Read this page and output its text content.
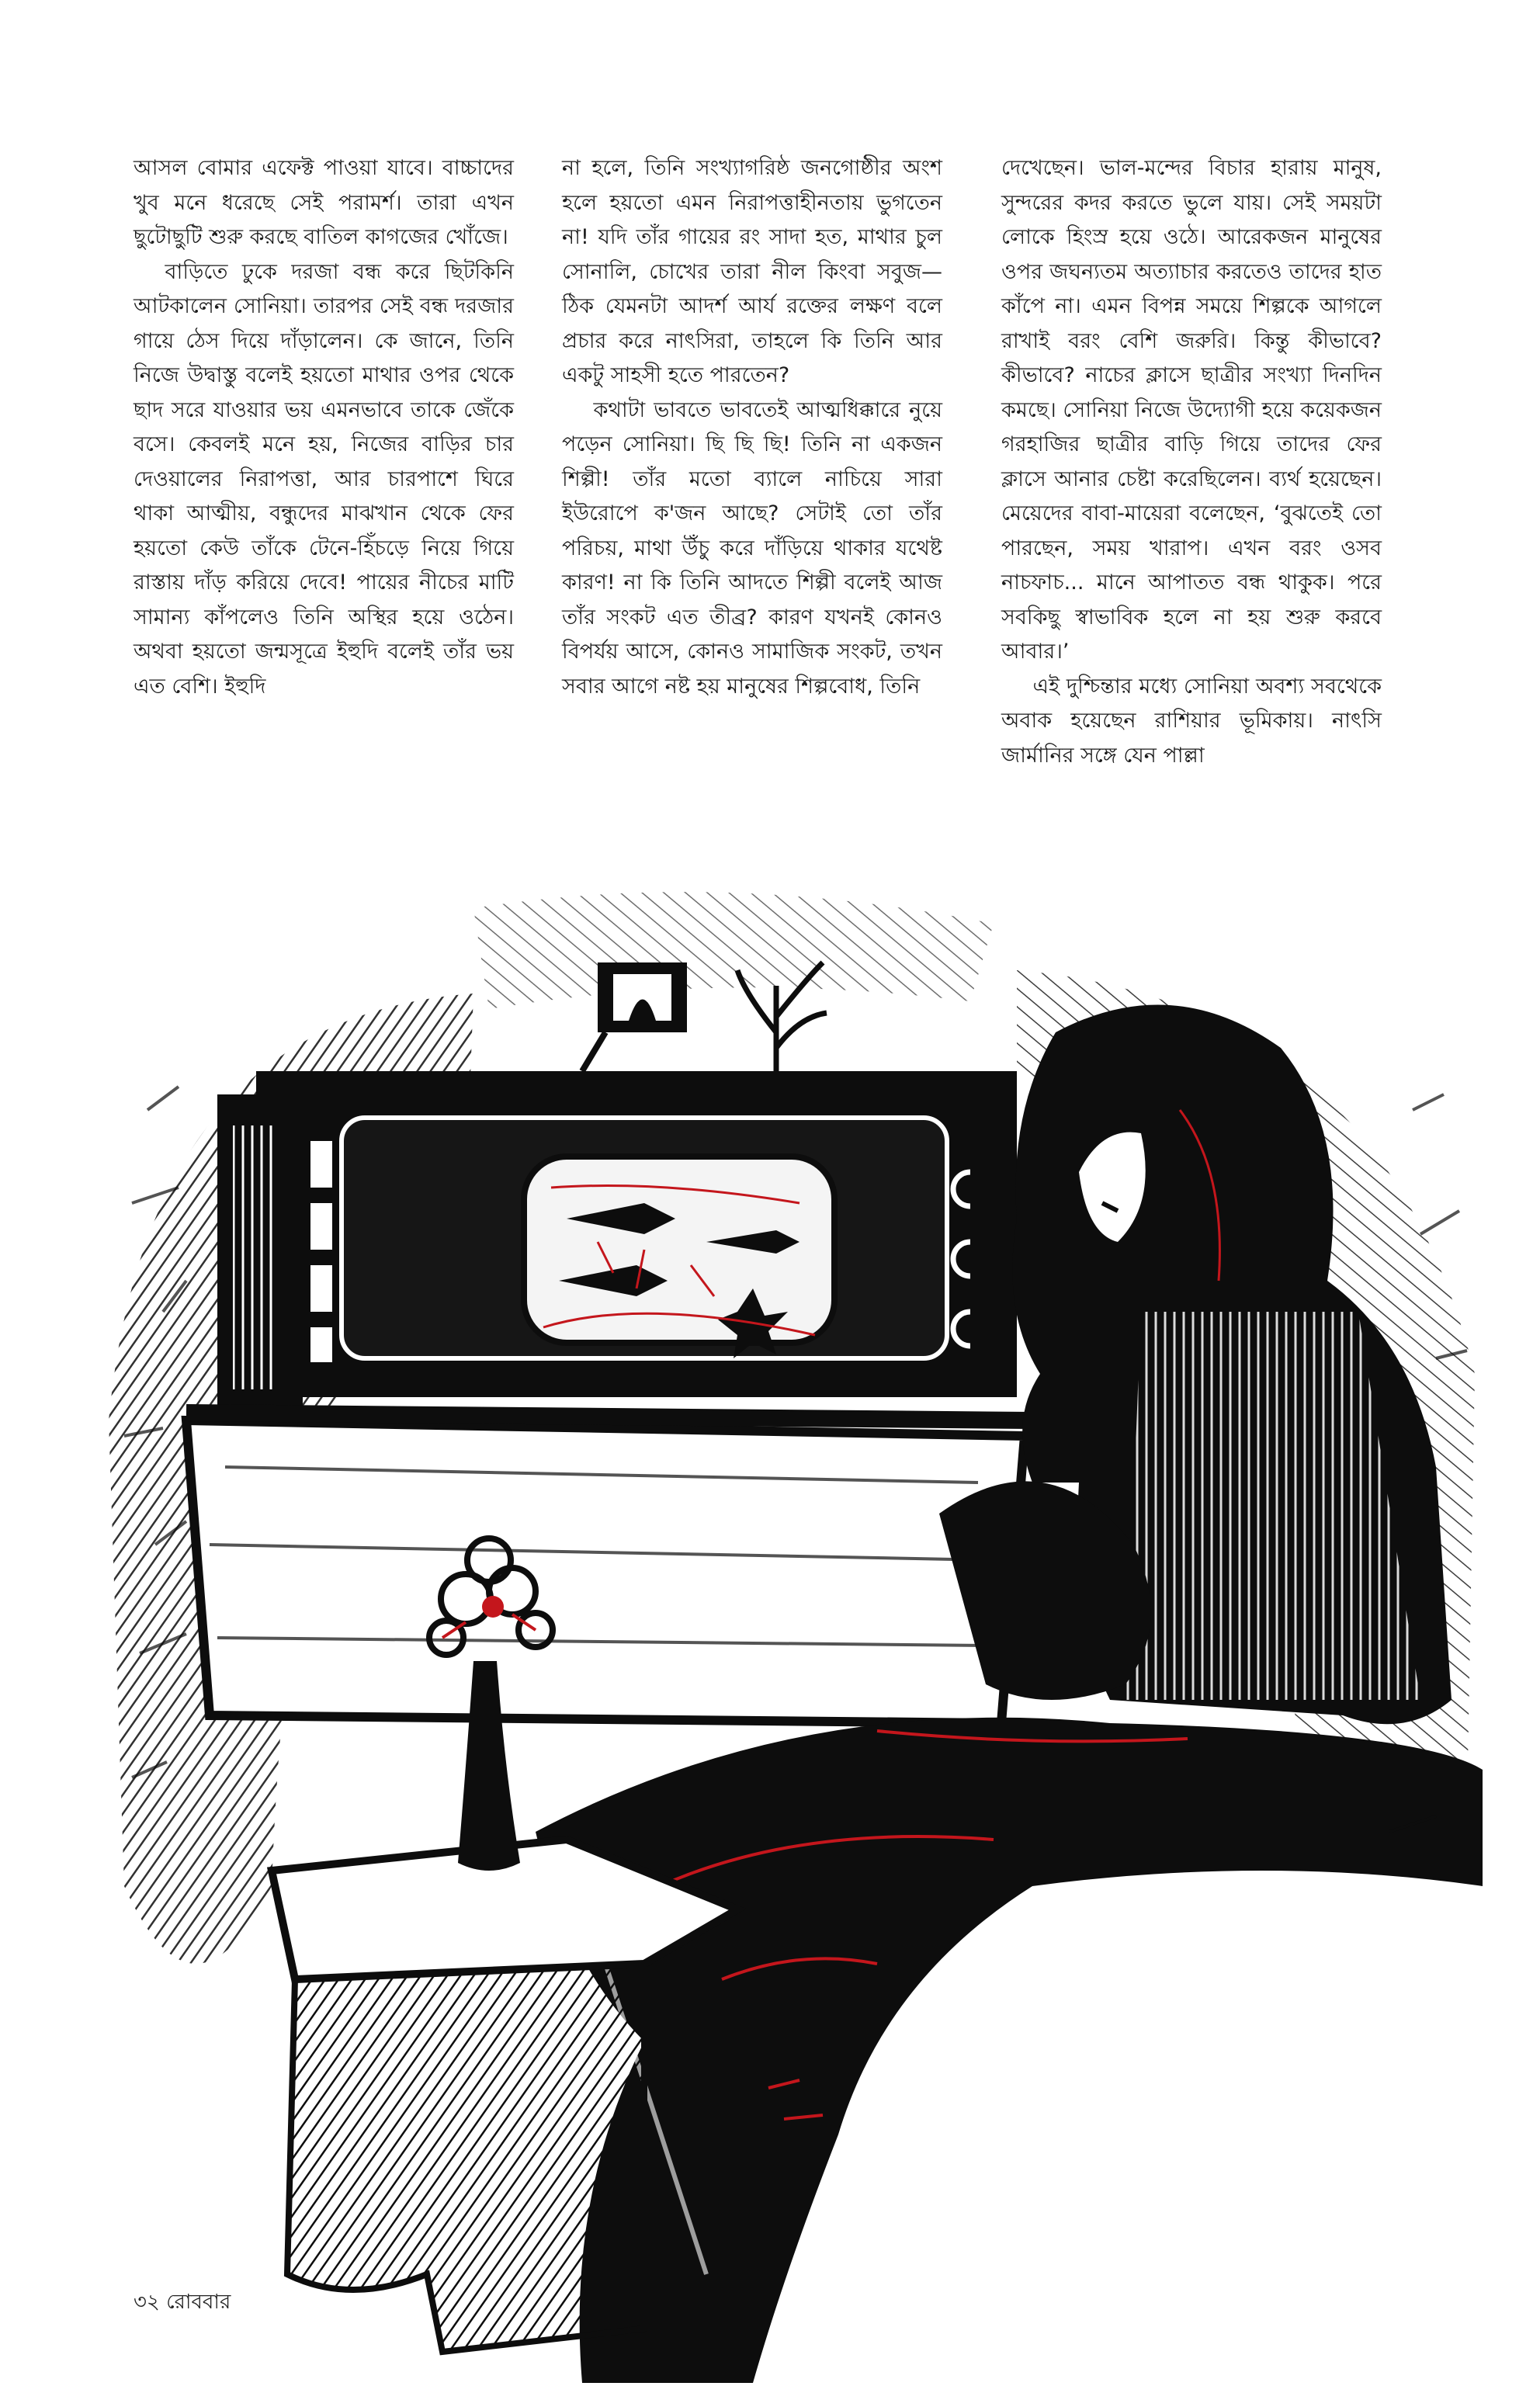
আসল বোমার এফেক্ট পাওয়া যাবে। বাচ্চাদের খুব মনে ধরেছে সেই পরামর্শ। তারা এখন ছুটোছুটি শুরু করছে বাতিল কাগজের খোঁজে।

বাড়িতে ঢুকে দরজা বন্ধ করে ছিটকিনি আটকালেন সোনিয়া। তারপর সেই বন্ধ দরজার গায়ে ঠেস দিয়ে দাঁড়ালেন। কে জানে, তিনি নিজে উদ্বাস্তু বলেই হয়তো মাথার ওপর থেকে ছাদ সরে যাওয়ার ভয় এমনভাবে তাকে জেঁকে বসে। কেবলই মনে হয়, নিজের বাড়ির চার দেওয়ালের নিরাপত্তা, আর চারপাশে ঘিরে থাকা আত্মীয়, বন্ধুদের মাঝখান থেকে ফের হয়তো কেউ তাঁকে টেনে-হিঁচড়ে নিয়ে গিয়ে রাস্তায় দাঁড় করিয়ে দেবে! পায়ের নীচের মাটি সামান্য কাঁপলেও তিনি অস্থির হয়ে ওঠেন। অথবা হয়তো জন্মসূত্রে ইহুদি বলেই তাঁর ভয় এত বেশি। ইহুদি

না হলে, তিনি সংখ্যাগরিষ্ঠ জনগোষ্ঠীর অংশ হলে হয়তো এমন নিরাপত্তাহীনতায় ভুগতেন না! যদি তাঁর গায়ের রং সাদা হত, মাথার চুল সোনালি, চোখের তারা নীল কিংবা সবুজ— ঠিক যেমনটা আদর্শ আর্য রক্তের লক্ষণ বলে প্রচার করে নাৎসিরা, তাহলে কি তিনি আর একটু সাহসী হতে পারতেন?

কথাটা ভাবতে ভাবতেই আত্মধিক্কারে নুয়ে পড়েন সোনিয়া। ছি ছি ছি! তিনি না একজন শিল্পী! তাঁর মতো ব্যালে নাচিয়ে সারা ইউরোপে ক'জন আছে? সেটাই তো তাঁর পরিচয়, মাথা উঁচু করে দাঁড়িয়ে থাকার যথেষ্ট কারণ! না কি তিনি আদতে শিল্পী বলেই আজ তাঁর সংকট এত তীব্র? কারণ যখনই কোনও বিপর্যয় আসে, কোনও সামাজিক সংকট, তখন সবার আগে নষ্ট হয় মানুষের শিল্পবোধ, তিনি

দেখেছেন। ভাল-মন্দের বিচার হারায় মানুষ, সুন্দরের কদর করতে ভুলে যায়। সেই সময়টা লোকে হিংস্র হয়ে ওঠে। আরেকজন মানুষের ওপর জঘন্যতম অত্যাচার করতেও তাদের হাত কাঁপে না। এমন বিপন্ন সময়ে শিল্পকে আগলে রাখাই বরং বেশি জরুরি। কিন্তু কীভাবে? কীভাবে? নাচের ক্লাসে ছাত্রীর সংখ্যা দিনদিন কমছে। সোনিয়া নিজে উদ্যোগী হয়ে কয়েকজন গরহাজির ছাত্রীর বাড়ি গিয়ে তাদের ফের ক্লাসে আনার চেষ্টা করেছিলেন। ব্যর্থ হয়েছেন। মেয়েদের বাবা-মায়েরা বলেছেন, ‘বুঝতেই তো পারছেন, সময় খারাপ। এখন বরং ওসব নাচফাচ... মানে আপাতত বন্ধ থাকুক। পরে সবকিছু স্বাভাবিক হলে না হয় শুরু করবে আবার।’

এই দুশ্চিন্তার মধ্যে সোনিয়া অবশ্য সবথেকে অবাক হয়েছেন রাশিয়ার ভূমিকায়। নাৎসি জার্মানির সঙ্গে যেন পাল্লা

৩২ রোববার
